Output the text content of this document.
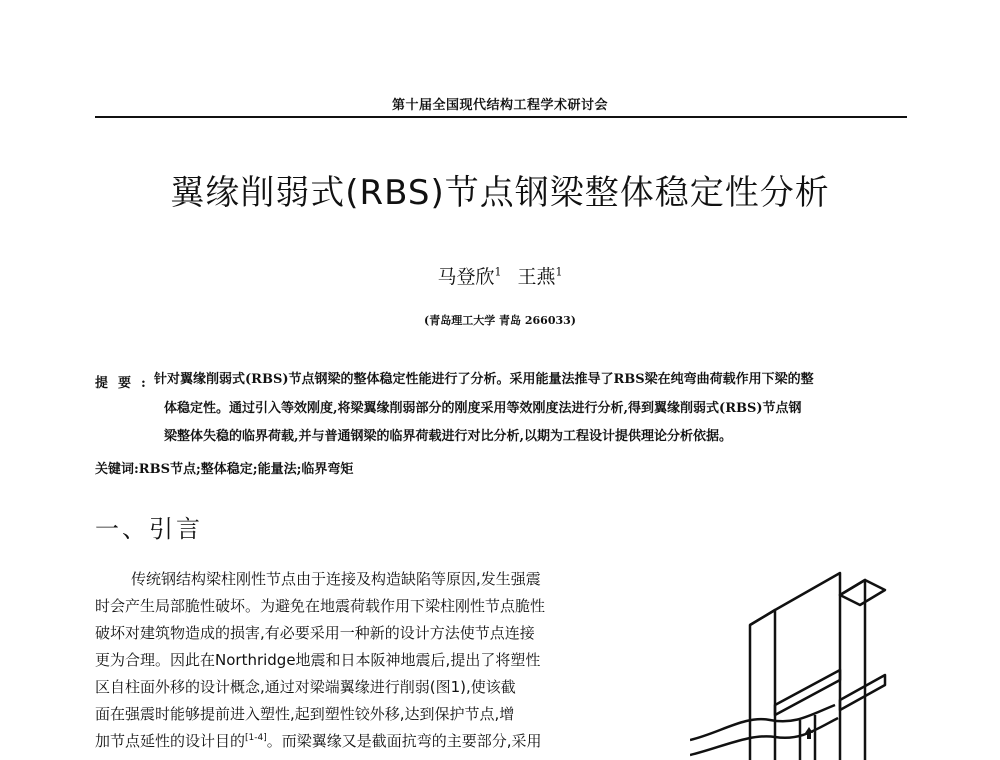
第十届全国现代结构工程学术研讨会
翼缘削弱式(RBS)节点钢梁整体稳定性分析
马登欣$^1$ 王燕$^1$
(青岛理工大学 青岛 266033)
提要:
针对翼缘削弱式(RBS)节点钢梁的整体稳定性能进行了分析。采用能量法推导了RBS梁在纯弯曲荷载作用下梁的整
体稳定性。通过引入等效刚度,将梁翼缘削弱部分的刚度采用等效刚度法进行分析,得到翼缘削弱式(RBS)节点钢
梁整体失稳的临界荷载,并与普通钢梁的临界荷载进行对比分析,以期为工程设计提供理论分析依据。
关键词:RBS节点;整体稳定;能量法;临界弯矩
一、引言
传统钢结构梁柱刚性节点由于连接及构造缺陷等原因,发生强震
时会产生局部脆性破坏。为避免在地震荷载作用下梁柱刚性节点脆性
破坏对建筑物造成的损害,有必要采用一种新的设计方法使节点连接
更为合理。因此在Northridge地震和日本阪神地震后,提出了将塑性
区自柱面外移的设计概念,通过对梁端翼缘进行削弱(图1),使该截
面在强震时能够提前进入塑性,起到塑性铰外移,达到保护节点,增
加节点延性的设计目的[1-4]。而梁翼缘又是截面抗弯的主要部分,采用
